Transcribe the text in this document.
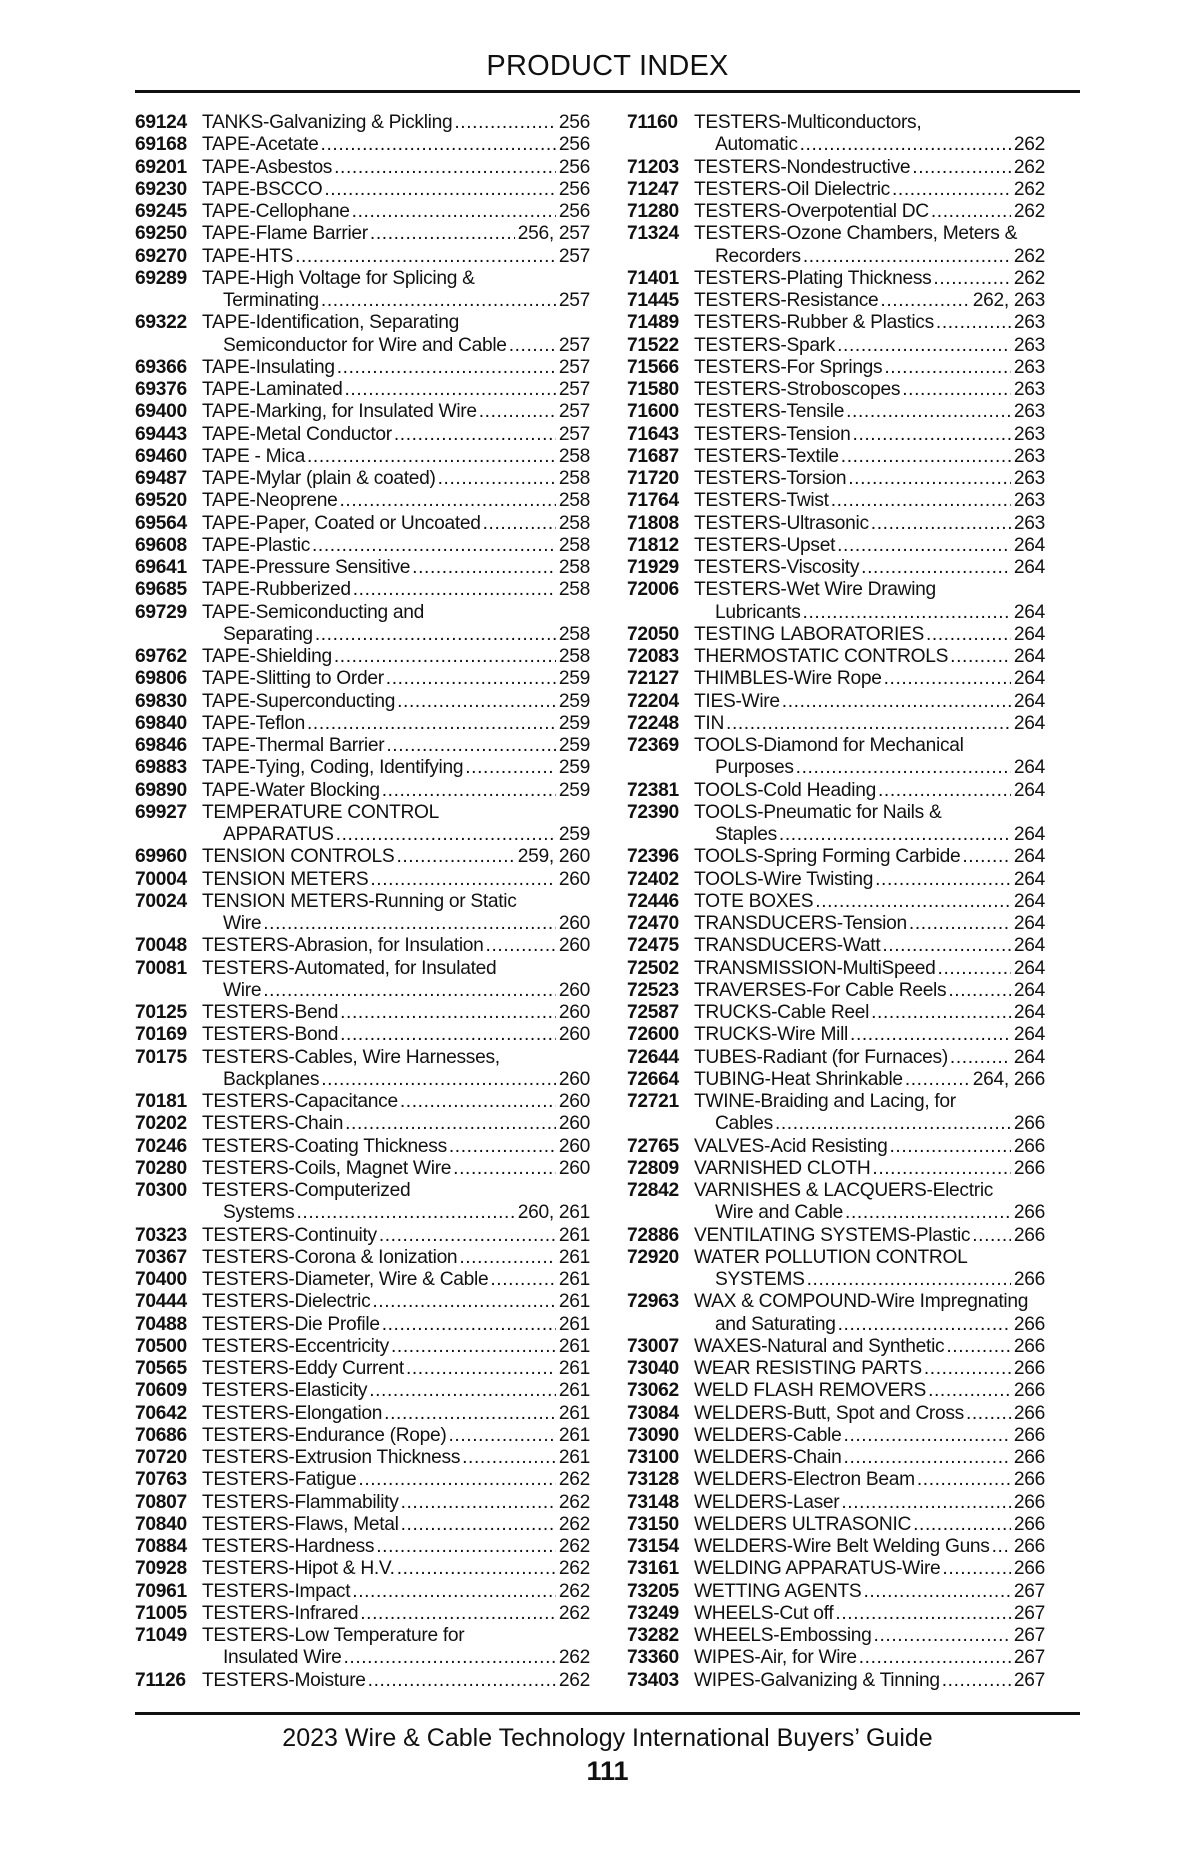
PRODUCT INDEX
69124 TANKS-Galvanizing & Pickling .....	256
69168 TAPE-Acetate .....	256
69201 TAPE-Asbestos .....	256
69230 TAPE-BSCCO .....	256
69245 TAPE-Cellophane .....	256
69250 TAPE-Flame Barrier .....	256, 257
69270 TAPE-HTS .....	257
69289 TAPE-High Voltage for Splicing &
Terminating .....	257
69322 TAPE-Identification, Separating
Semiconductor for Wire and Cable .....	257
69366 TAPE-Insulating .....	257
69376 TAPE-Laminated .....	257
69400 TAPE-Marking, for Insulated Wire .....	257
69443 TAPE-Metal Conductor .....	257
69460 TAPE - Mica .....	258
69487 TAPE-Mylar (plain & coated) .....	258
69520 TAPE-Neoprene .....	258
69564 TAPE-Paper, Coated or Uncoated .....	258
69608 TAPE-Plastic .....	258
69641 TAPE-Pressure Sensitive .....	258
69685 TAPE-Rubberized .....	258
69729 TAPE-Semiconducting and
Separating .....	258
69762 TAPE-Shielding .....	258
69806 TAPE-Slitting to Order .....	259
69830 TAPE-Superconducting .....	259
69840 TAPE-Teflon .....	259
69846 TAPE-Thermal Barrier .....	259
69883 TAPE-Tying, Coding, Identifying .....	259
69890 TAPE-Water Blocking .....	259
69927 TEMPERATURE CONTROL
APPARATUS .....	259
69960 TENSION CONTROLS .....	259, 260
70004 TENSION METERS .....	260
70024 TENSION METERS-Running or Static
Wire .....	260
70048 TESTERS-Abrasion, for Insulation .....	260
70081 TESTERS-Automated, for Insulated
Wire .....	260
70125 TESTERS-Bend .....	260
70169 TESTERS-Bond .....	260
70175 TESTERS-Cables, Wire Harnesses,
Backplanes .....	260
70181 TESTERS-Capacitance .....	260
70202 TESTERS-Chain .....	260
70246 TESTERS-Coating Thickness .....	260
70280 TESTERS-Coils, Magnet Wire .....	260
70300 TESTERS-Computerized
Systems .....	260, 261
70323 TESTERS-Continuity .....	261
70367 TESTERS-Corona & Ionization .....	261
70400 TESTERS-Diameter, Wire & Cable .....	261
70444 TESTERS-Dielectric .....	261
70488 TESTERS-Die Profile .....	261
70500 TESTERS-Eccentricity .....	261
70565 TESTERS-Eddy Current .....	261
70609 TESTERS-Elasticity .....	261
70642 TESTERS-Elongation .....	261
70686 TESTERS-Endurance (Rope) .....	261
70720 TESTERS-Extrusion Thickness .....	261
70763 TESTERS-Fatigue .....	262
70807 TESTERS-Flammability .....	262
70840 TESTERS-Flaws, Metal .....	262
70884 TESTERS-Hardness .....	262
70928 TESTERS-Hipot & H.V. .....	262
70961 TESTERS-Impact .....	262
71005 TESTERS-Infrared .....	262
71049 TESTERS-Low Temperature for
Insulated Wire .....	262
71126 TESTERS-Moisture .....	262
71160 TESTERS-Multiconductors,
Automatic .....	262
71203 TESTERS-Nondestructive .....	262
71247 TESTERS-Oil Dielectric .....	262
71280 TESTERS-Overpotential DC .....	262
71324 TESTERS-Ozone Chambers, Meters &
Recorders .....	262
71401 TESTERS-Plating Thickness .....	262
71445 TESTERS-Resistance .....	262, 263
71489 TESTERS-Rubber & Plastics .....	263
71522 TESTERS-Spark .....	263
71566 TESTERS-For Springs .....	263
71580 TESTERS-Stroboscopes .....	263
71600 TESTERS-Tensile .....	263
71643 TESTERS-Tension .....	263
71687 TESTERS-Textile .....	263
71720 TESTERS-Torsion .....	263
71764 TESTERS-Twist .....	263
71808 TESTERS-Ultrasonic .....	263
71812 TESTERS-Upset .....	264
71929 TESTERS-Viscosity .....	264
72006 TESTERS-Wet Wire Drawing
Lubricants .....	264
72050 TESTING LABORATORIES .....	264
72083 THERMOSTATIC CONTROLS .....	264
72127 THIMBLES-Wire Rope .....	264
72204 TIES-Wire .....	264
72248 TIN .....	264
72369 TOOLS-Diamond for Mechanical
Purposes .....	264
72381 TOOLS-Cold Heading .....	264
72390 TOOLS-Pneumatic for Nails &
Staples .....	264
72396 TOOLS-Spring Forming Carbide .....	264
72402 TOOLS-Wire Twisting .....	264
72446 TOTE BOXES .....	264
72470 TRANSDUCERS-Tension .....	264
72475 TRANSDUCERS-Watt .....	264
72502 TRANSMISSION-MultiSpeed .....	264
72523 TRAVERSES-For Cable Reels .....	264
72587 TRUCKS-Cable Reel .....	264
72600 TRUCKS-Wire Mill .....	264
72644 TUBES-Radiant (for Furnaces) .....	264
72664 TUBING-Heat Shrinkable .....	264, 266
72721 TWINE-Braiding and Lacing, for
Cables .....	266
72765 VALVES-Acid Resisting .....	266
72809 VARNISHED CLOTH .....	266
72842 VARNISHES & LACQUERS-Electric
Wire and Cable .....	266
72886 VENTILATING SYSTEMS-Plastic ..... 266
72920 WATER POLLUTION CONTROL
SYSTEMS .....	266
72963 WAX & COMPOUND-Wire Impregnating
and Saturating .....	266
73007 WAXES-Natural and Synthetic .....	266
73040 WEAR RESISTING PARTS .....	266
73062 WELD FLASH REMOVERS .....	266
73084 WELDERS-Butt, Spot and Cross .....	266
73090 WELDERS-Cable .....	266
73100 WELDERS-Chain .....	266
73128 WELDERS-Electron Beam .....	266
73148 WELDERS-Laser .....	266
73150 WELDERS ULTRASONIC .....	266
73154 WELDERS-Wire Belt Welding Guns ..... 266
73161 WELDING APPARATUS-Wire .....	266
73205 WETTING AGENTS .....	267
73249 WHEELS-Cut off .....	267
73282 WHEELS-Embossing .....	267
73360 WIPES-Air, for Wire .....	267
73403 WIPES-Galvanizing & Tinning .....	267
2023 Wire & Cable Technology International Buyers’ Guide
111
